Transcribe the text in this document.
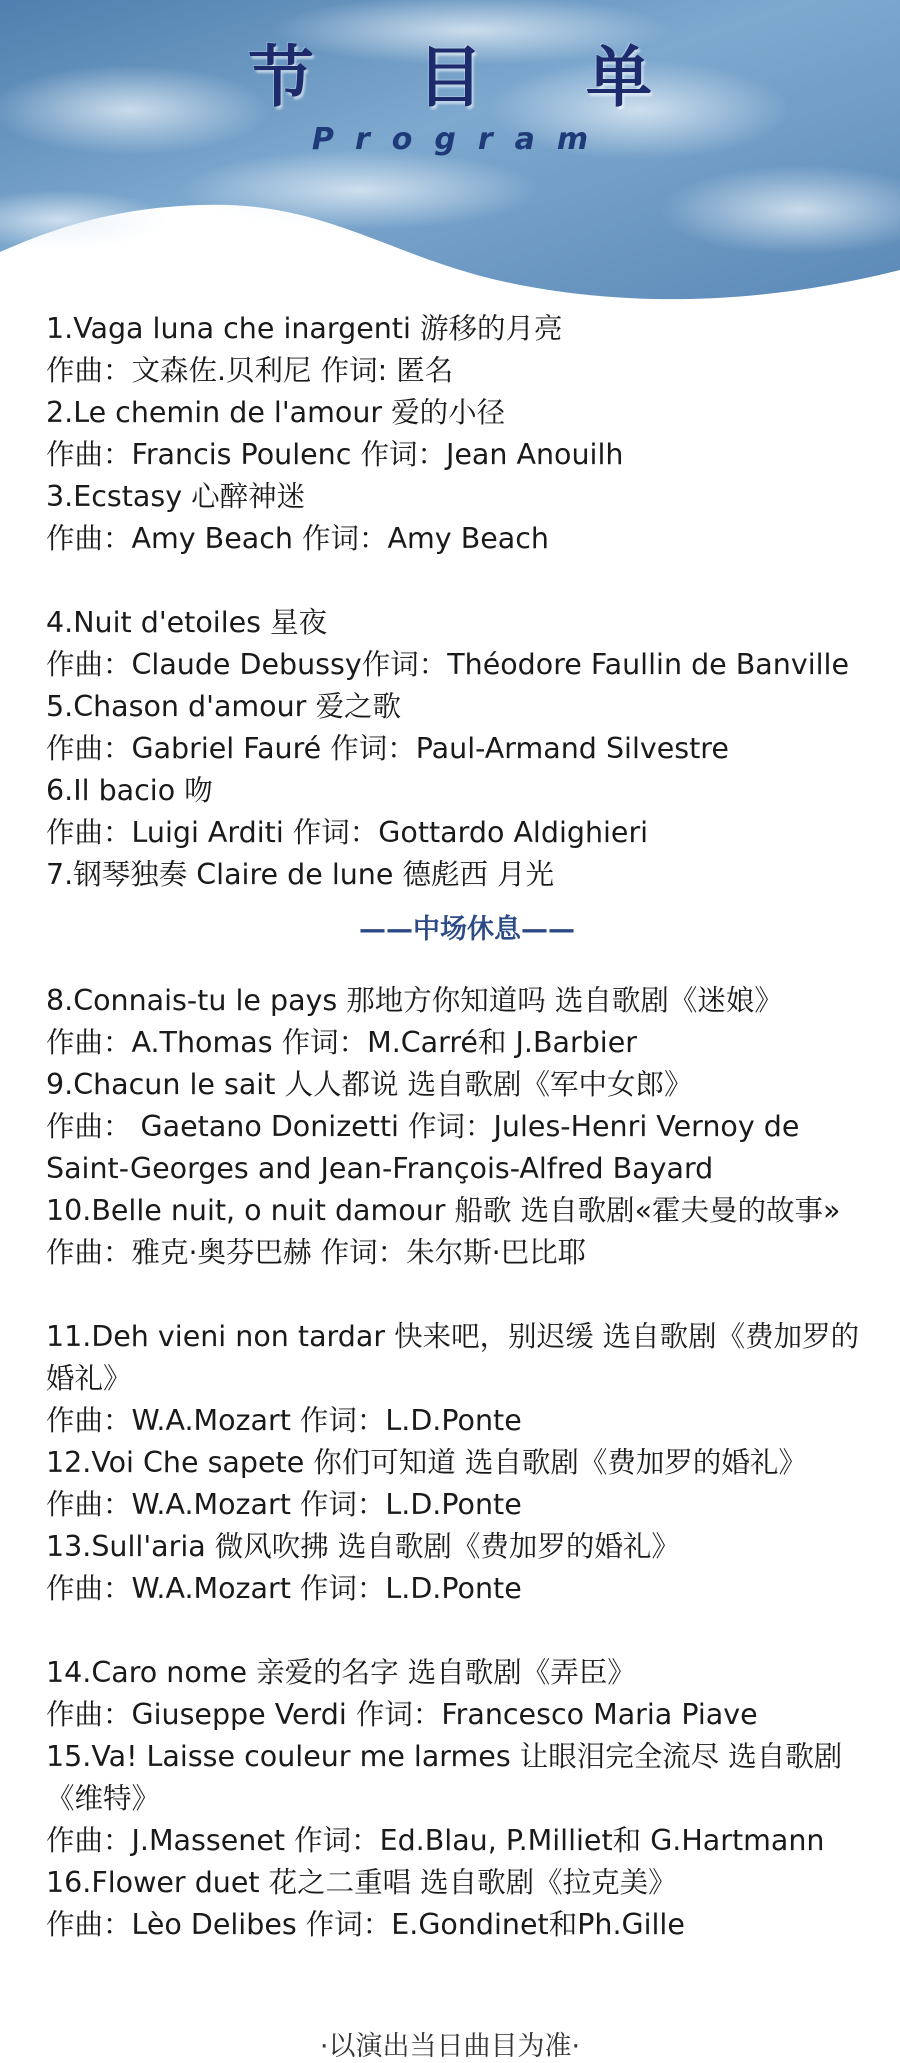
节 目 单
Program
1.Vaga luna che inargenti 游移的月亮
作曲：文森佐.贝利尼 作词: 匿名
2.Le chemin de l'amour 爱的小径
作曲：Francis Poulenc 作词：Jean Anouilh
3.Ecstasy 心醉神迷
作曲：Amy Beach 作词：Amy Beach
4.Nuit d'etoiles 星夜
作曲：Claude Debussy作词：Théodore Faullin de Banville
5.Chason d'amour 爱之歌
作曲：Gabriel Fauré 作词：Paul-Armand Silvestre
6.Il bacio 吻
作曲：Luigi Arditi 作词：Gottardo Aldighieri
7.钢琴独奏 Claire de lune 德彪西 月光
——中场休息——
8.Connais-tu le pays 那地方你知道吗 选自歌剧《迷娘》
作曲：A.Thomas 作词：M.Carré和 J.Barbier
9.Chacun le sait 人人都说 选自歌剧《军中女郎》
作曲： Gaetano Donizetti 作词：Jules-Henri Vernoy de Saint-Georges and Jean-François-Alfred Bayard
10.Belle nuit, o nuit damour 船歌 选自歌剧«霍夫曼的故事»
作曲：雅克·奥芬巴赫 作词：朱尔斯·巴比耶
11.Deh vieni non tardar 快来吧，别迟缓 选自歌剧《费加罗的婚礼》
作曲：W.A.Mozart 作词：L.D.Ponte
12.Voi Che sapete 你们可知道 选自歌剧《费加罗的婚礼》
作曲：W.A.Mozart 作词：L.D.Ponte
13.Sull'aria 微风吹拂 选自歌剧《费加罗的婚礼》
作曲：W.A.Mozart 作词：L.D.Ponte
14.Caro nome 亲爱的名字 选自歌剧《弄臣》
作曲：Giuseppe Verdi 作词：Francesco Maria Piave
15.Va! Laisse couleur me larmes 让眼泪完全流尽 选自歌剧《维特》
作曲：J.Massenet 作词：Ed.Blau, P.Milliet和 G.Hartmann
16.Flower duet 花之二重唱 选自歌剧《拉克美》
作曲：Lèo Delibes 作词：E.Gondinet和Ph.Gille
·以演出当日曲目为准·
